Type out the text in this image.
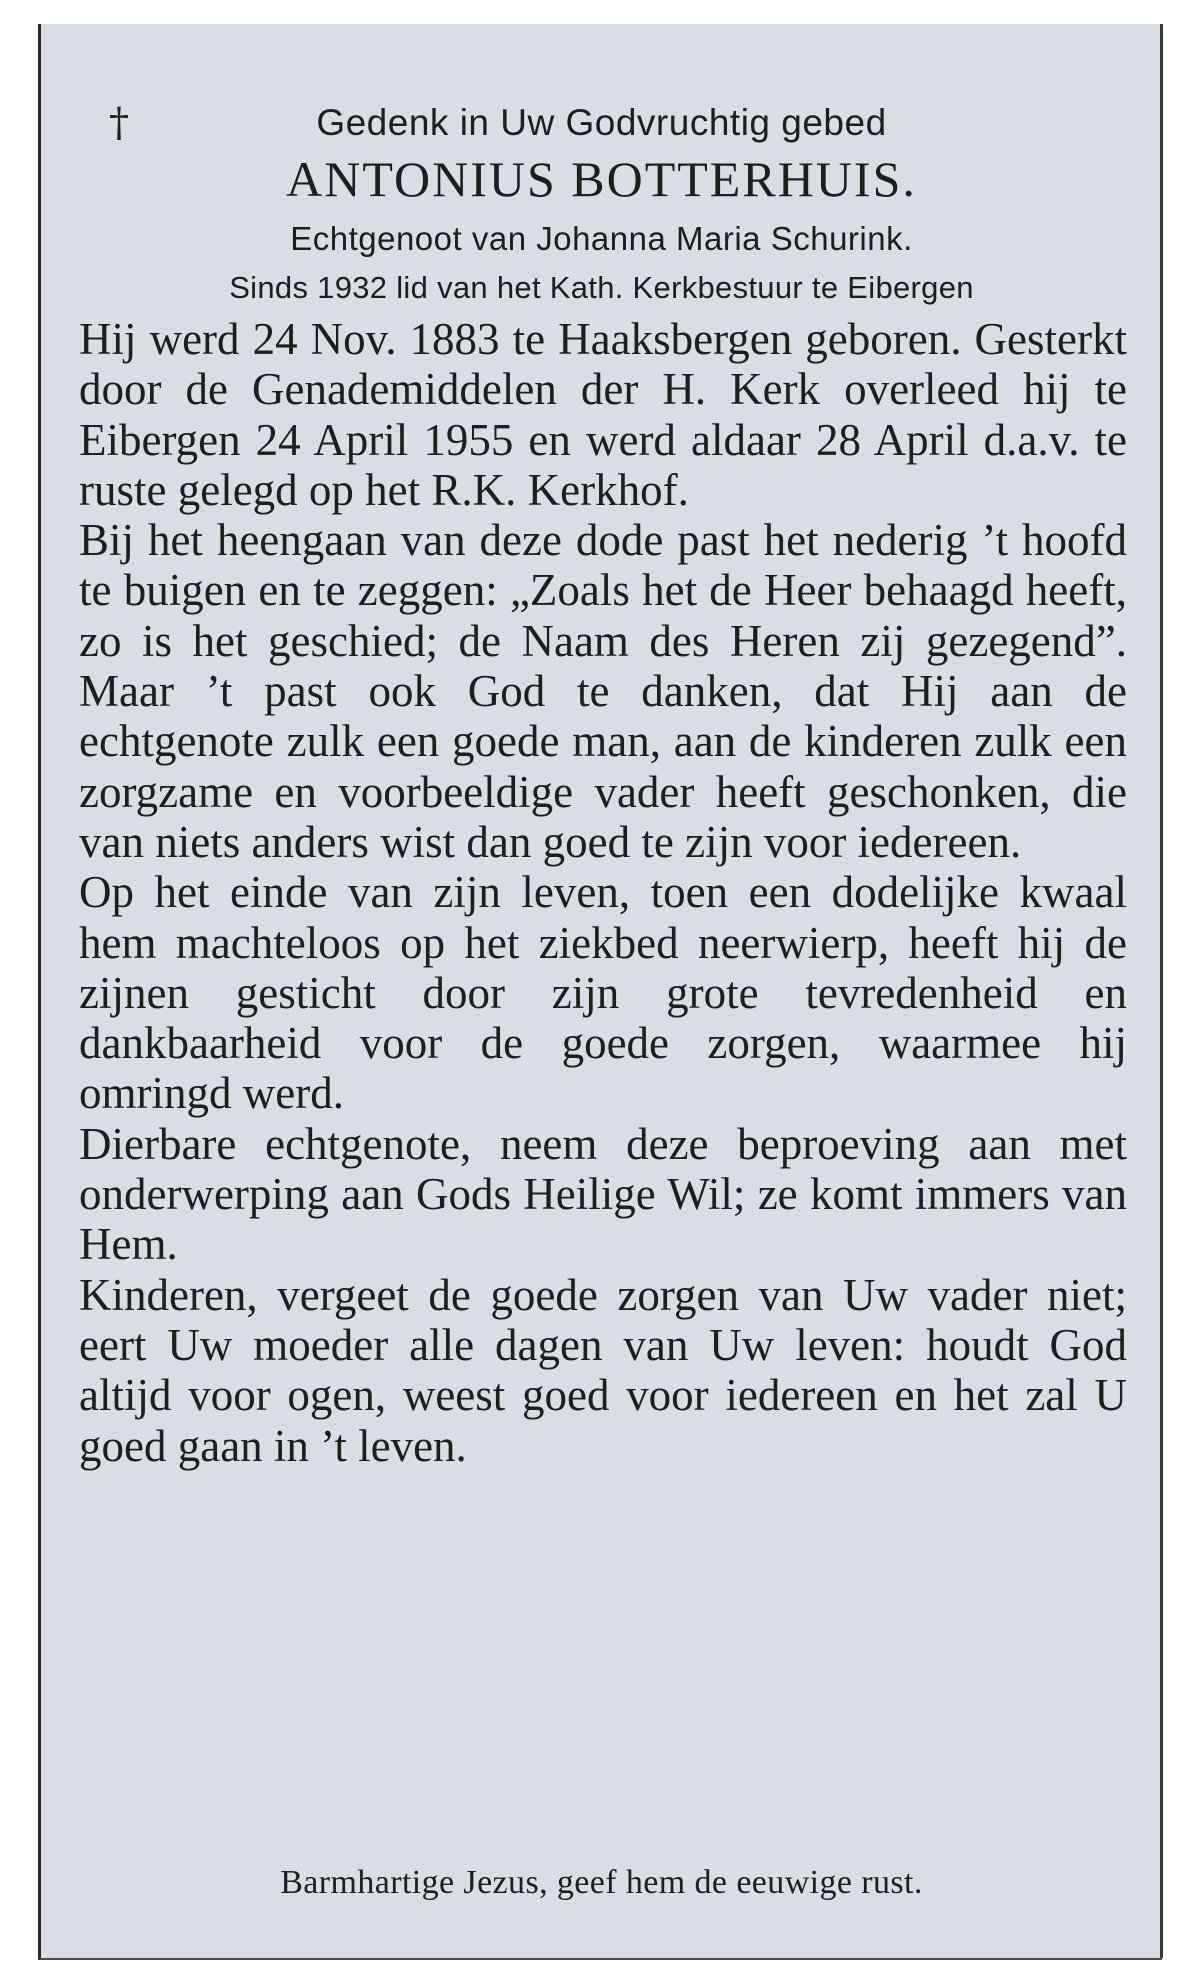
†	Gedenk in Uw Godvruchtig gebed
ANTONIUS BOTTERHUIS.
Echtgenoot van Johanna Maria Schurink.
Sinds 1932 lid van het Kath. Kerkbestuur te Eibergen

Hij werd 24 Nov. 1883 te Haaksbergen geboren. Gesterkt door de Genademiddelen der H. Kerk overleed hij te Eibergen 24 April 1955 en werd aldaar 28 April d.a.v. te ruste gelegd op het R.K. Kerkhof.

Bij het heengaan van deze dode past het nederig ’t hoofd te buigen en te zeggen: „Zoals het de Heer behaagd heeft, zo is het geschied; de Naam des Heren zij gezegend”. Maar ’t past ook God te danken, dat Hij aan de echtgenote zulk een goede man, aan de kinderen zulk een zorgzame en voorbeeldige vader heeft geschonken, die van niets anders wist dan goed te zijn voor iedereen.

Op het einde van zijn leven, toen een dodelijke kwaal hem machteloos op het ziekbed neerwierp, heeft hij de zijnen gesticht door zijn grote tevredenheid en dankbaarheid voor de goede zorgen, waarmee hij omringd werd.

Dierbare echtgenote, neem deze beproeving aan met onderwerping aan Gods Heilige Wil; ze komt immers van Hem.

Kinderen, vergeet de goede zorgen van Uw vader niet; eert Uw moeder alle dagen van Uw leven: houdt God altijd voor ogen, weest goed voor iedereen en het zal U goed gaan in ’t leven.

Barmhartige Jezus, geef hem de eeuwige rust.
